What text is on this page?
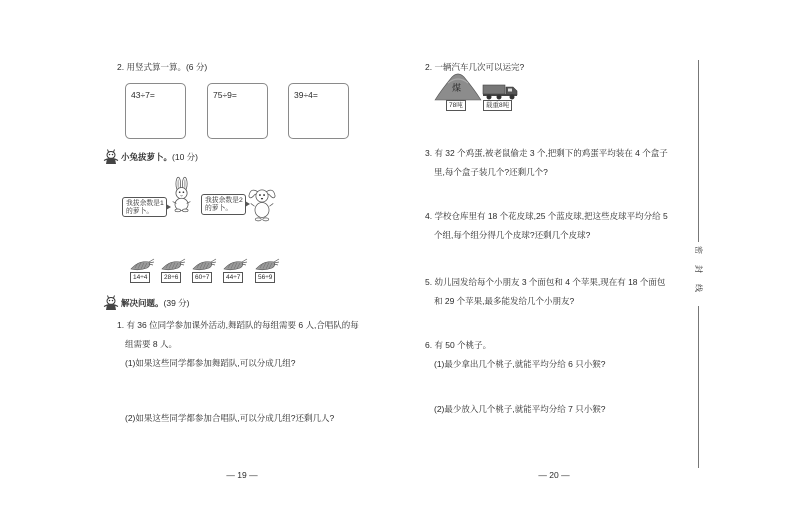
2. 用竖式算一算。(6 分)
43÷7=	75÷9=	39÷4=
小兔拔萝卜。(10 分)
我拔余数是1
的萝卜。
我拔余数是2
的萝卜。
14÷4	28÷6	60÷7	44÷7	56÷9
解决问题。(39 分)
1. 有 36 位同学参加课外活动,舞蹈队的每组需要 6 人,合唱队的每
组需要 8 人。
(1)如果这些同学都参加舞蹈队,可以分成几组?
(2)如果这些同学都参加合唱队,可以分成几组?还剩几人?
— 19 —
2. 一辆汽车几次可以运完?
煤
78吨	载重8吨
3. 有 32 个鸡蛋,被老鼠偷走 3 个,把剩下的鸡蛋平均装在 4 个盒子
里,每个盒子装几个?还剩几个?
4. 学校仓库里有 18 个花皮球,25 个蓝皮球,把这些皮球平均分给 5
个组,每个组分得几个皮球?还剩几个皮球?
5. 幼儿园发给每个小朋友 3 个面包和 4 个苹果,现在有 18 个面包
和 29 个苹果,最多能发给几个小朋友?
6. 有 50 个桃子。
(1)最少拿出几个桃子,就能平均分给 6 只小猴?
(2)最少放入几个桃子,就能平均分给 7 只小猴?
— 20 —
密封线
